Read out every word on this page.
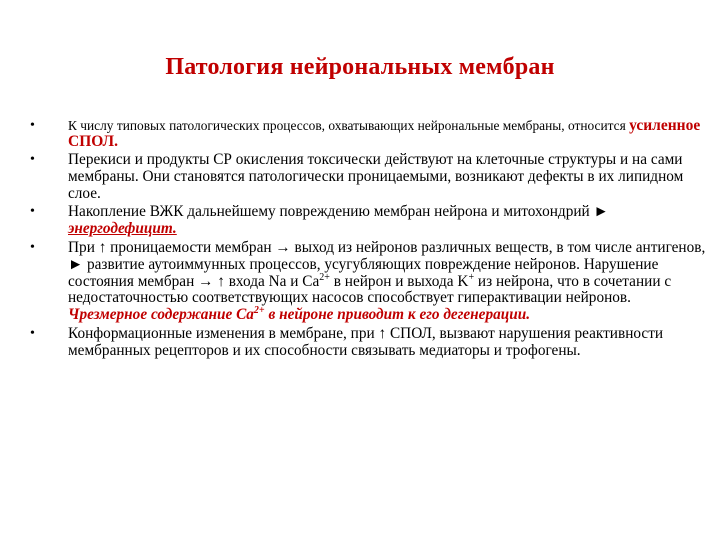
Патология нейрональных мембран
• К числу типовых патологических процессов, охватывающих нейрональные мембраны, относится усиленное СПОЛ.
• Перекиси и продукты СР окисления токсически действуют на клеточные структуры и на сами мембраны. Они становятся патологически проницаемыми, возникают дефекты в их липидном слое.
• Накопление ВЖК дальнейшему повреждению мембран нейрона и митохондрий ► энергодефицит.
• При ↑ проницаемости мембран → выход из нейронов различных веществ, в том числе антигенов, ► развитие аутоиммунных процессов, усугубляющих повреждение нейронов. Нарушение состояния мембран → ↑ входа Na и $Ca^{2+}$ в нейрон и выхода K+ из нейрона, что в сочетании с недостаточностью соответствующих насосов способствует гиперактивации нейронов. Чрезмерное содержание $Ca^{2+}$ в нейроне приводит к его дегенерации.
• Конформационные изменения в мембране, при ↑ СПОЛ, вызвают нарушения реактивности мембранных рецепторов и их способности связывать медиаторы и трофогены.
